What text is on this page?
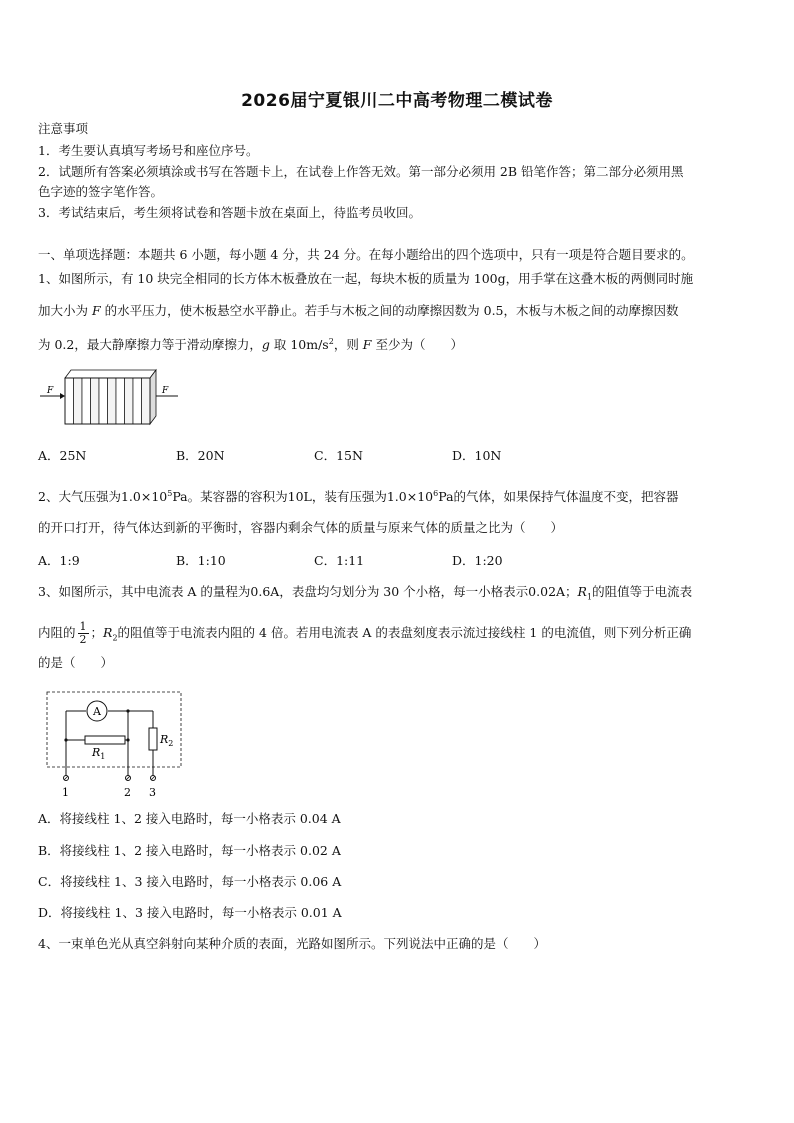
2026届宁夏银川二中高考物理二模试卷
注意事项
1．考生要认真填写考场号和座位序号。
2．试题所有答案必须填涂或书写在答题卡上，在试卷上作答无效。第一部分必须用 2B 铅笔作答；第二部分必须用黑
色字迹的签字笔作答。
3．考试结束后，考生须将试卷和答题卡放在桌面上，待监考员收回。
一、单项选择题：本题共 6 小题，每小题 4 分，共 24 分。在每小题给出的四个选项中，只有一项是符合题目要求的。
1、如图所示，有 10 块完全相同的长方体木板叠放在一起，每块木板的质量为 100g，用手掌在这叠木板的两侧同时施
加大小为 F 的水平压力，使木板悬空水平静止。若手与木板之间的动摩擦因数为 0.5，木板与木板之间的动摩擦因数
为 0.2，最大静摩擦力等于滑动摩擦力，g 取 $10m/s^2$，则 F 至少为（　　）
F	F
A．25N	B．20N	C．15N	D．10N
2、大气压强为$1.0\times 10^5Pa$。某容器的容积为10L，装有压强为$1.0\times 10^6Pa$的气体，如果保持气体温度不变，把容器
的开口打开，待气体达到新的平衡时，容器内剩余气体的质量与原来气体的质量之比为（　　）
A．1:9	B．1:10	C．1:11	D．1:20
3、如图所示，其中电流表 A 的量程为0.6A，表盘均匀划分为 30 个小格，每一小格表示0.02A；$R_1$的阻值等于电流表
内阻的 $\frac{1}{2}$ ；$R_2$的阻值等于电流表内阻的 4 倍。若用电流表 A 的表盘刻度表示流过接线柱 1 的电流值，则下列分析正确
的是（　　）
A
$R_1$
$R_2$
1	2 3
A．将接线柱 1、2 接入电路时，每一小格表示 0.04 A
B．将接线柱 1、2 接入电路时，每一小格表示 0.02 A
C．将接线柱 1、3 接入电路时，每一小格表示 0.06 A
D．将接线柱 1、3 接入电路时，每一小格表示 0.01 A
4、一束单色光从真空斜射向某种介质的表面，光路如图所示。下列说法中正确的是（　　）
